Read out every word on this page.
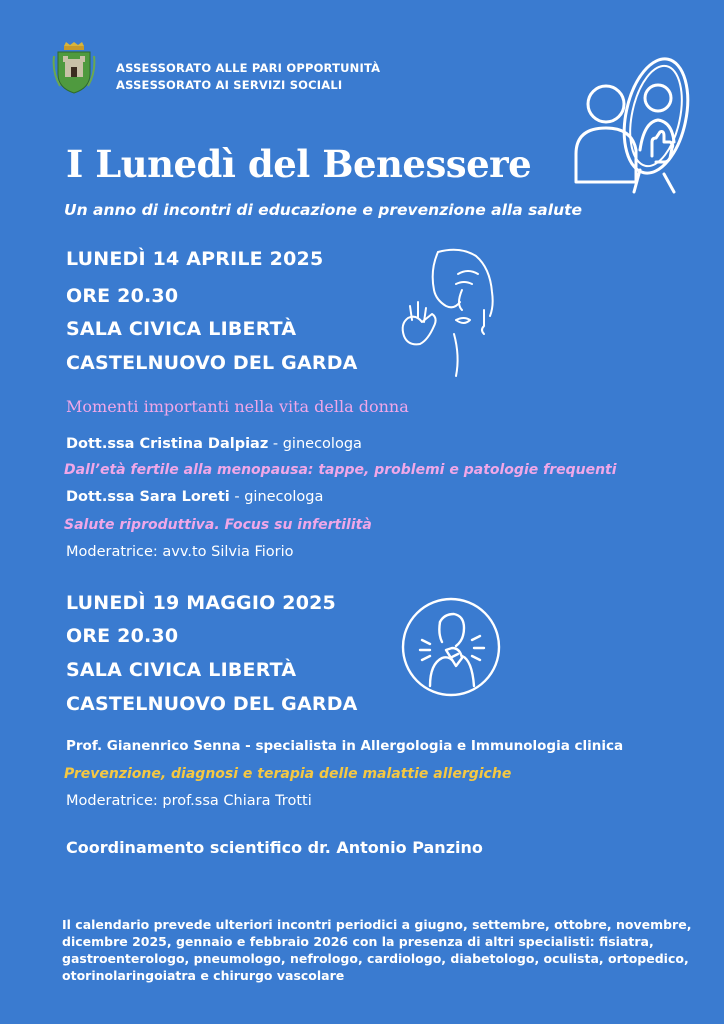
ASSESSORATO ALLE PARI OPPORTUNITÀ
ASSESSORATO AI SERVIZI SOCIALI
I Lunedì del Benessere
Un anno di incontri di educazione e prevenzione alla salute
LUNEDÌ 14 APRILE 2025
ORE 20.30
SALA CIVICA LIBERTÀ
CASTELNUOVO DEL GARDA
Momenti importanti nella vita della donna
Dott.ssa Cristina Dalpiaz - ginecologa
Dall’età fertile alla menopausa: tappe, problemi e patologie frequenti
Dott.ssa Sara Loreti - ginecologa
Salute riproduttiva. Focus su infertilità
Moderatrice: avv.to Silvia Fiorio
LUNEDÌ 19 MAGGIO 2025
ORE 20.30
SALA CIVICA LIBERTÀ
CASTELNUOVO DEL GARDA
Prof. Gianenrico Senna - specialista in Allergologia e Immunologia clinica
Prevenzione, diagnosi e terapia delle malattie allergiche
Moderatrice: prof.ssa Chiara Trotti
Coordinamento scientifico dr. Antonio Panzino
Il calendario prevede ulteriori incontri periodici a giugno, settembre, ottobre, novembre, dicembre 2025, gennaio e febbraio 2026 con la presenza di altri specialisti: fisiatra, gastroenterologo, pneumologo, nefrologo, cardiologo, diabetologo, oculista, ortopedico, otorinolaringoiatra e chirurgo vascolare
